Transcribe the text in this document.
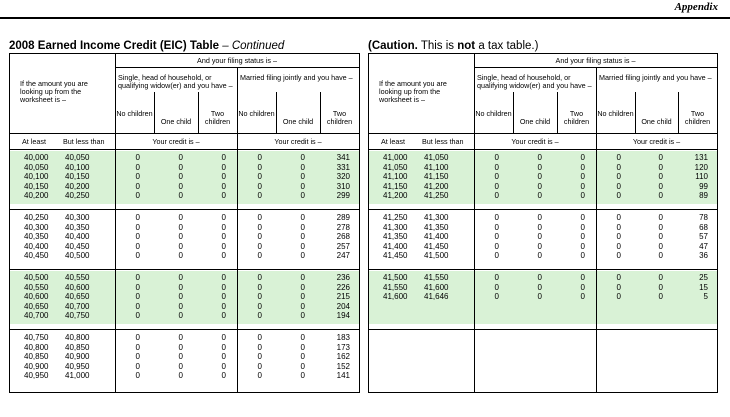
Appendix
2008 Earned Income Credit (EIC) Table – Continued	(Caution. This is not a tax table.)
And your filing status is –
If the amount you are looking up from the worksheet is –
Single, head of household, or qualifying widow(er) and you have –
Married filing jointly and you have –
No children
One child
Two children
No children
One child
Two children
At least But less than	Your credit is –	Your credit is –
40,000 40,050	0	0	0	0	0	341
40,050 40,100	0	0	0	0	0	331
40,100 40,150	0	0	0	0	0	320
40,150 40,200	0	0	0	0	0	310
40,200 40,250	0	0	0	0	0	299
40,250 40,300	0	0	0	0	0	289
40,300 40,350	0	0	0	0	0	278
40,350 40,400	0	0	0	0	0	268
40,400 40,450	0	0	0	0	0	257
40,450 40,500	0	0	0	0	0	247
40,500 40,550	0	0	0	0	0	236
40,550 40,600	0	0	0	0	0	226
40,600 40,650	0	0	0	0	0	215
40,650 40,700	0	0	0	0	0	204
40,700 40,750	0	0	0	0	0	194
40,750 40,800	0	0	0	0	0	183
40,800 40,850	0	0	0	0	0	173
40,850 40,900	0	0	0	0	0	162
40,900 40,950	0	0	0	0	0	152
40,950 41,000	0	0	0	0	0	141
And your filing status is –
If the amount you are looking up from the worksheet is –
Single, head of household, or qualifying widow(er) and you have –
Married filing jointly and you have –
No children
One child
Two children
No children
One child
Two children
At least But less than	Your credit is –	Your credit is –
41,000 41,050	0	0	0	0	0	131
41,050 41,100	0	0	0	0	0	120
41,100 41,150	0	0	0	0	0	110
41,150 41,200	0	0	0	0	0	99
41,200 41,250	0	0	0	0	0	89
41,250 41,300	0	0	0	0	0	78
41,300 41,350	0	0	0	0	0	68
41,350 41,400	0	0	0	0	0	57
41,400 41,450	0	0	0	0	0	47
41,450 41,500	0	0	0	0	0	36
41,500 41,550	0	0	0	0	0	25
41,550 41,600	0	0	0	0	0	15
41,600 41,646	0	0	0	0	0	5
